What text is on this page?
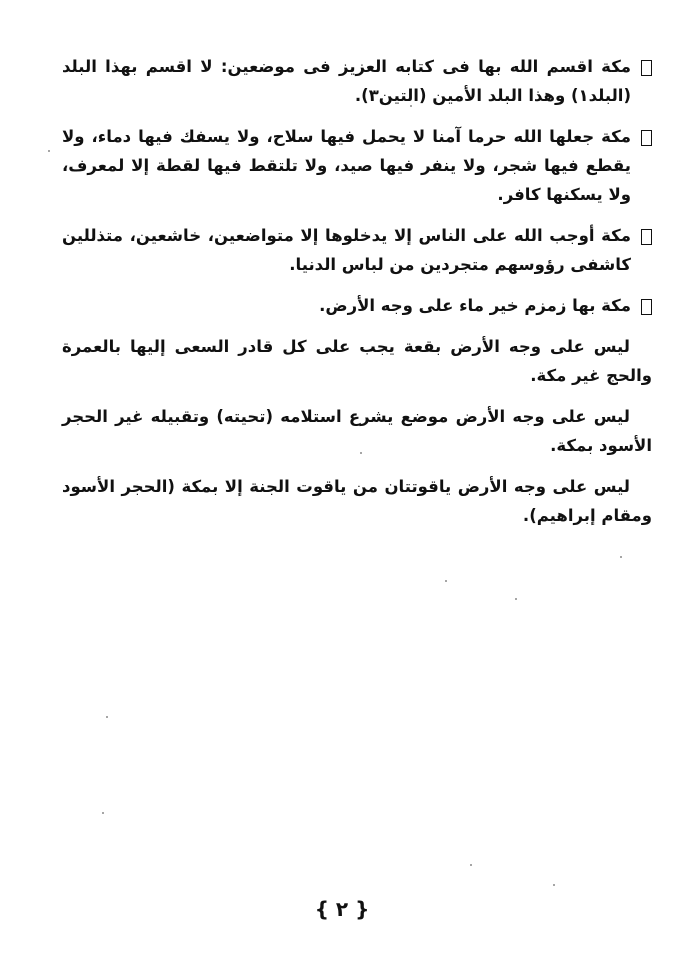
مكة اقسم الله بها فى كتابه العزيز فى موضعين: لا اقسم بهذا البلد (البلد١) وهذا البلد الأمين (التين٣).
مكة جعلها الله حرما آمنا لا يحمل فيها سلاح، ولا يسفك فيها دماء، ولا يقطع فيها شجر، ولا ينفر فيها صيد، ولا تلتقط فيها لقطة إلا لمعرف، ولا يسكنها كافر.
مكة أوجب الله على الناس إلا يدخلوها إلا متواضعين، خاشعين، متذللين كاشفى رؤوسهم متجردين من لباس الدنيا.
مكة بها زمزم خير ماء على وجه الأرض.

ليس على وجه الأرض بقعة يجب على كل قادر السعى إليها بالعمرة والحج غير مكة.

ليس على وجه الأرض موضع يشرع استلامه (تحيته) وتقبيله غير الحجر الأسود بمكة.

ليس على وجه الأرض ياقوتتان من ياقوت الجنة إلا بمكة (الحجر الأسود ومقام إبراهيم).

{ ٢ }
